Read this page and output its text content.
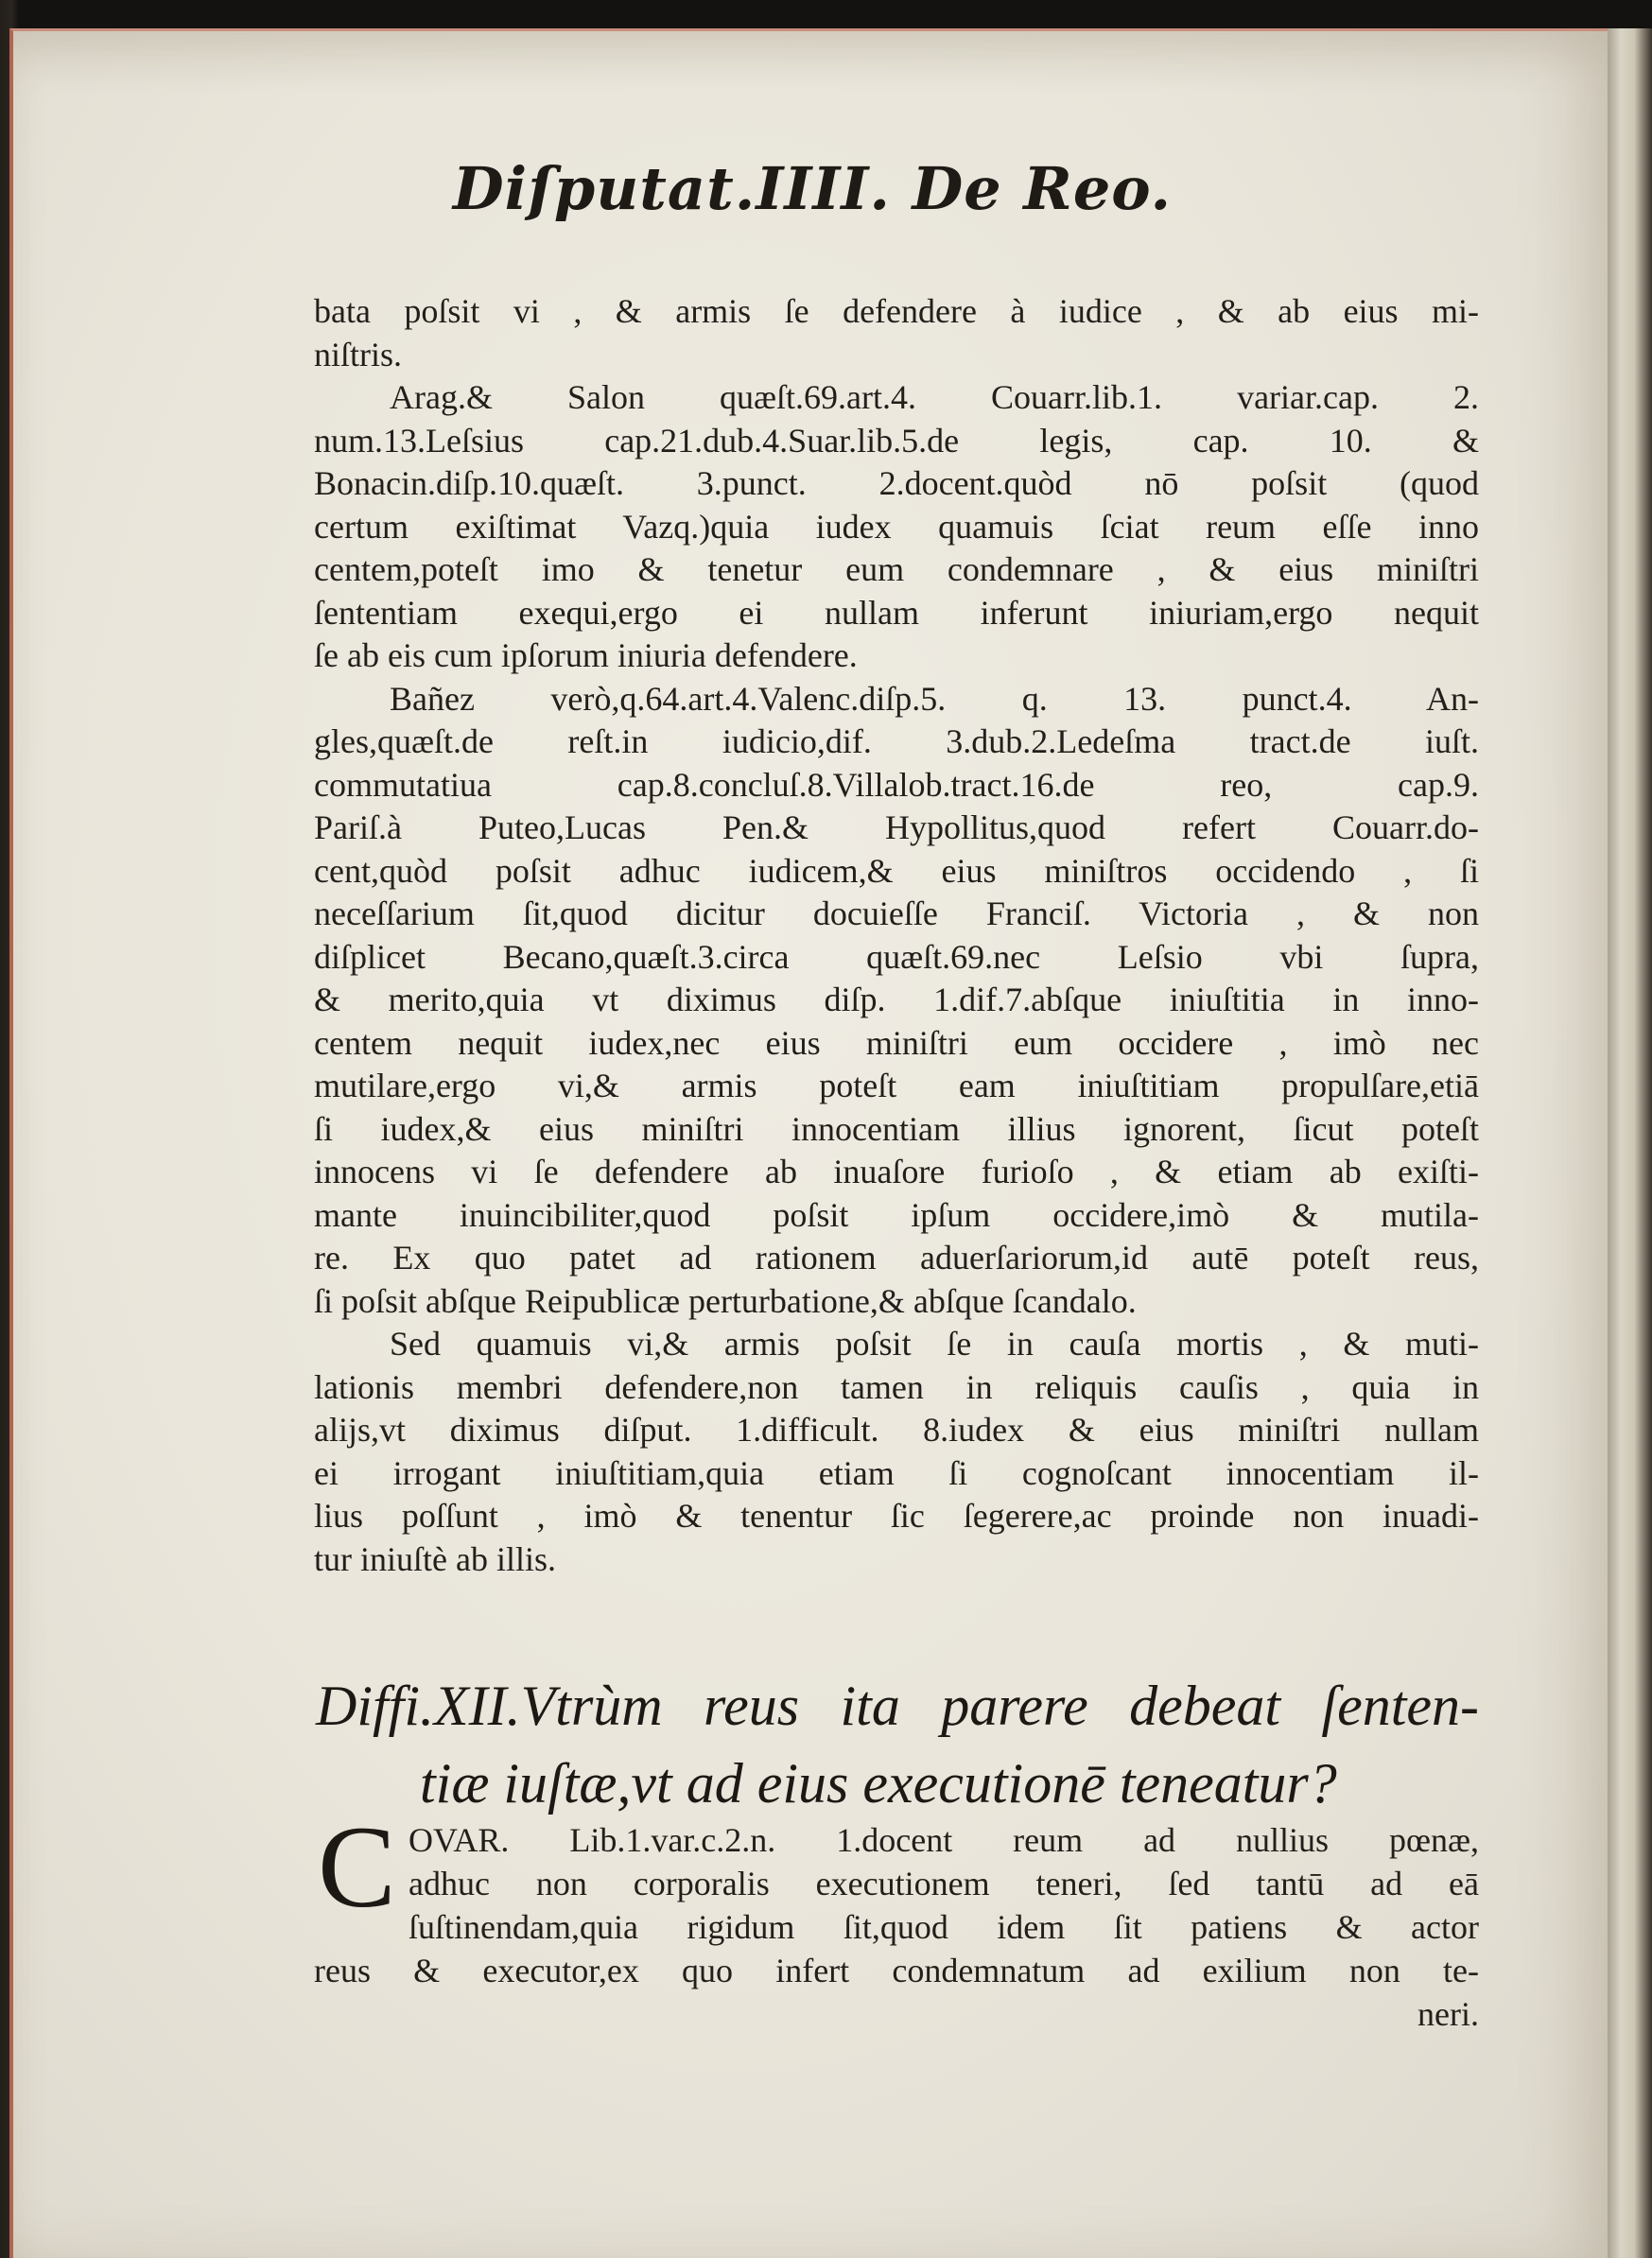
Diſputat.IIII. De Reo.
bata poſsit vi , & armis ſe defendere à iudice , & ab eius mi-
niſtris.
Arag.& Salon quæſt.69.art.4. Couarr.lib.1. variar.cap. 2.
num.13.Leſsius cap.21.dub.4.Suar.lib.5.de legis, cap. 10. &
Bonacin.diſp.10.quæſt. 3.punct. 2.docent.quòd nō poſsit (quod
certum exiſtimat Vazq.)quia iudex quamuis ſciat reum eſſe inno
centem,poteſt imo & tenetur eum condemnare , & eius miniſtri
ſententiam exequi,ergo ei nullam inferunt iniuriam,ergo nequit
ſe ab eis cum ipſorum iniuria defendere.
Bañez verò,q.64.art.4.Valenc.diſp.5. q. 13. punct.4. An-
gles,quæſt.de reſt.in iudicio,dif. 3.dub.2.Ledeſma tract.de iuſt.
commutatiua cap.8.concluſ.8.Villalob.tract.16.de reo, cap.9.
Pariſ.à Puteo,Lucas Pen.& Hypollitus,quod refert Couarr.do-
cent,quòd poſsit adhuc iudicem,& eius miniſtros occidendo , ſi
neceſſarium ſit,quod dicitur docuieſſe Franciſ. Victoria , & non
diſplicet Becano,quæſt.3.circa quæſt.69.nec Leſsio vbi ſupra,
& merito,quia vt diximus diſp. 1.dif.7.abſque iniuſtitia in inno-
centem nequit iudex,nec eius miniſtri eum occidere , imò nec
mutilare,ergo vi,& armis poteſt eam iniuſtitiam propulſare,etiā
ſi iudex,& eius miniſtri innocentiam illius ignorent, ſicut poteſt
innocens vi ſe defendere ab inuaſore furioſo , & etiam ab exiſti-
mante inuincibiliter,quod poſsit ipſum occidere,imò & mutila-
re. Ex quo patet ad rationem aduerſariorum,id autē poteſt reus,
ſi poſsit abſque Reipublicæ perturbatione,& abſque ſcandalo.
Sed quamuis vi,& armis poſsit ſe in cauſa mortis , & muti-
lationis membri defendere,non tamen in reliquis cauſis , quia in
alijs,vt diximus diſput. 1.difficult. 8.iudex & eius miniſtri nullam
ei irrogant iniuſtitiam,quia etiam ſi cognoſcant innocentiam il-
lius poſſunt , imò & tenentur ſic ſegerere,ac proinde non inuadi-
tur iniuſtè ab illis.
Diffi.XII.Vtrùm reus ita parere debeat ſenten-
tiæ iuſtæ,vt ad eius executionē teneatur?
C OVAR. Lib.1.var.c.2.n. 1.docent reum ad nullius pœnæ,
adhuc non corporalis executionem teneri, ſed tantū ad eā
ſuſtinendam,quia rigidum ſit,quod idem ſit patiens & actor
reus & executor,ex quo infert condemnatum ad exilium non te-
neri.
